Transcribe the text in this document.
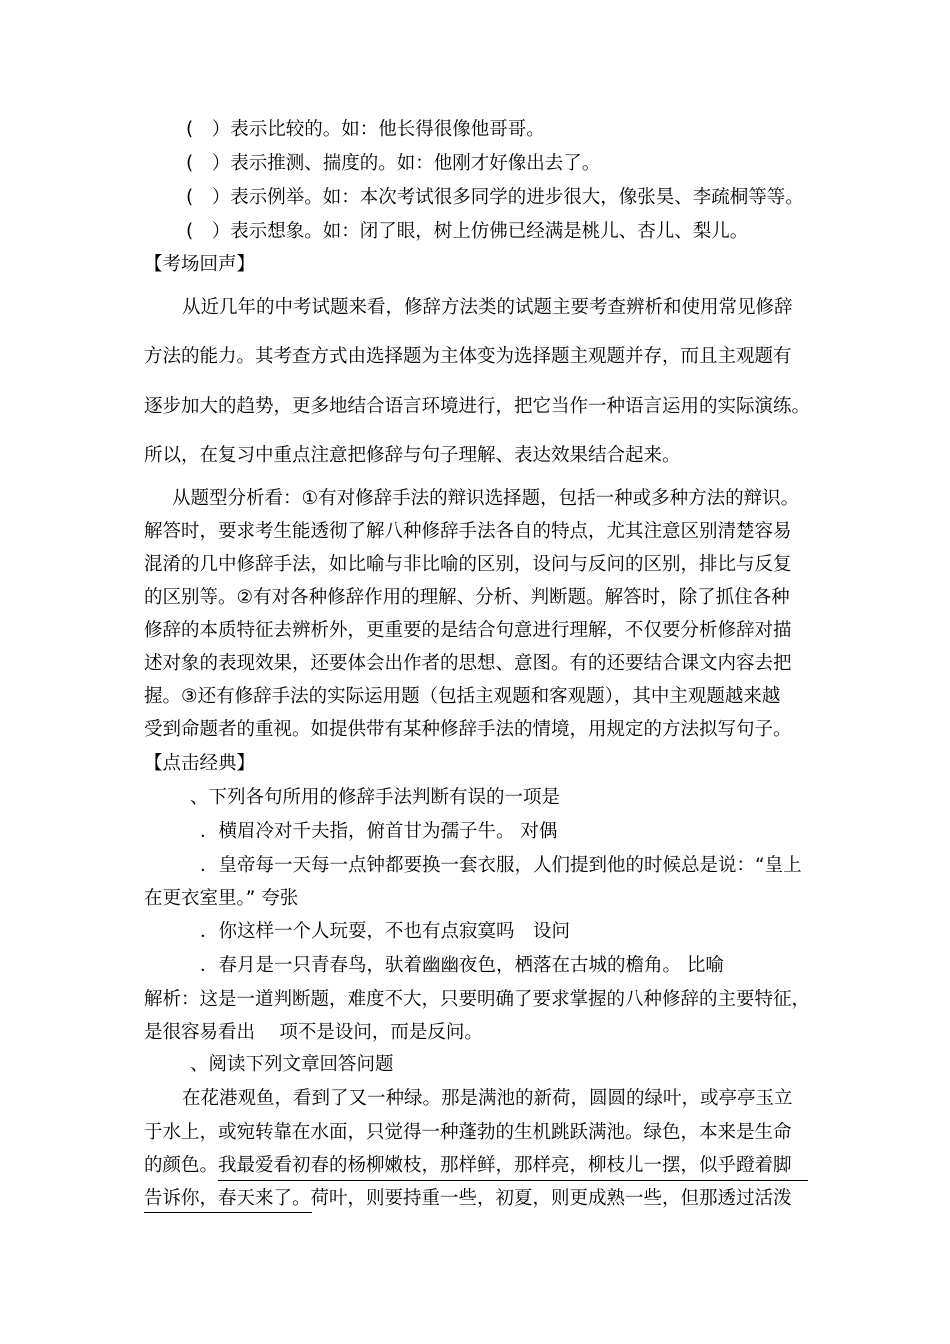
(　）表示比较的。如：他长得很像他哥哥。

(　）表示推测、揣度的。如：他刚才好像出去了。

(　）表示例举。如：本次考试很多同学的进步很大，像张昊、李疏桐等等。

(　）表示想象。如：闭了眼，树上仿佛已经满是桃儿、杏儿、梨儿。

【考场回声】

从近几年的中考试题来看，修辞方法类的试题主要考查辨析和使用常见修辞

方法的能力。其考查方式由选择题为主体变为选择题主观题并存，而且主观题有

逐步加大的趋势，更多地结合语言环境进行，把它当作一种语言运用的实际演练。

所以，在复习中重点注意把修辞与句子理解、表达效果结合起来。

从题型分析看：①有对修辞手法的辩识选择题，包括一种或多种方法的辩识。

解答时，要求考生能透彻了解八种修辞手法各自的特点，尤其注意区别清楚容易

混淆的几中修辞手法，如比喻与非比喻的区别，设问与反问的区别，排比与反复

的区别等。②有对各种修辞作用的理解、分析、判断题。解答时，除了抓住各种

修辞的本质特征去辨析外，更重要的是结合句意进行理解，不仅要分析修辞对描

述对象的表现效果，还要体会出作者的思想、意图。有的还要结合课文内容去把

握。③还有修辞手法的实际运用题（包括主观题和客观题），其中主观题越来越

受到命题者的重视。如提供带有某种修辞手法的情境，用规定的方法拟写句子。

【点击经典】

、下列各句所用的修辞手法判断有误的一项是

．横眉冷对千夫指，俯首甘为孺子牛。 对偶

．皇帝每一天每一点钟都要换一套衣服，人们提到他的时候总是说：“皇上

在更衣室里。” 夸张

．你这样一个人玩耍，不也有点寂寞吗　设问

．春月是一只青春鸟，驮着幽幽夜色，栖落在古城的檐角。 比喻

解析：这是一道判断题，难度不大，只要明确了要求掌握的八种修辞的主要特征，

是很容易看出　 项不是设问，而是反问。

、阅读下列文章回答问题

在花港观鱼，看到了又一种绿。那是满池的新荷，圆圆的绿叶，或亭亭玉立

于水上，或宛转靠在水面，只觉得一种蓬勃的生机跳跃满池。绿色，本来是生命

的颜色。我最爱看初春的杨柳嫩枝，那样鲜，那样亮，柳枝儿一摆，似乎蹬着脚

告诉你，春天来了。荷叶，则要持重一些，初夏，则更成熟一些，但那透过活泼
